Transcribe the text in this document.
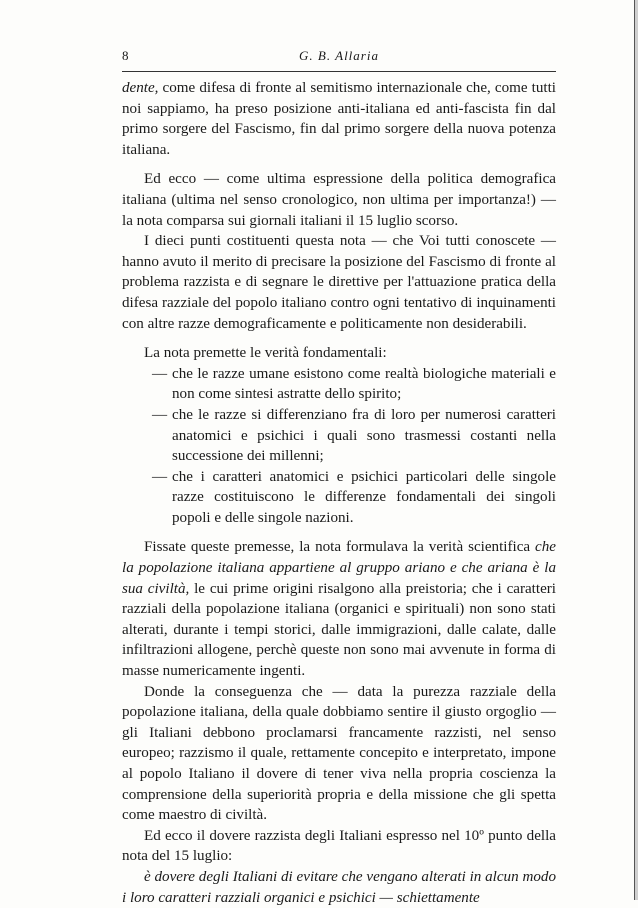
8	G. B. Allaria

dente, come difesa di fronte al semitismo internazionale che, come tutti noi sappiamo, ha preso posizione anti-italiana ed anti-fascista fin dal primo sorgere del Fascismo, fin dal primo sorgere della nuova potenza italiana.

Ed ecco — come ultima espressione della politica demografica italiana (ultima nel senso cronologico, non ultima per importanza!) — la nota comparsa sui giornali italiani il 15 luglio scorso.

I dieci punti costituenti questa nota — che Voi tutti conoscete — hanno avuto il merito di precisare la posizione del Fascismo di fronte al problema razzista e di segnare le direttive per l'attuazione pratica della difesa razziale del popolo italiano contro ogni tentativo di inquinamenti con altre razze demograficamente e politicamente non desiderabili.

La nota premette le verità fondamentali:

— che le razze umane esistono come realtà biologiche materiali e non come sintesi astratte dello spirito;
— che le razze si differenziano fra di loro per numerosi caratteri anatomici e psichici i quali sono trasmessi costanti nella successione dei millenni;
— che i caratteri anatomici e psichici particolari delle singole razze costituiscono le differenze fondamentali dei singoli popoli e delle singole nazioni.

Fissate queste premesse, la nota formulava la verità scientifica che la popolazione italiana appartiene al gruppo ariano e che ariana è la sua civiltà, le cui prime origini risalgono alla preistoria; che i caratteri razziali della popolazione italiana (organici e spirituali) non sono stati alterati, durante i tempi storici, dalle immigrazioni, dalle calate, dalle infiltrazioni allogene, perchè queste non sono mai avvenute in forma di masse numericamente ingenti.

Donde la conseguenza che — data la purezza razziale della popolazione italiana, della quale dobbiamo sentire il giusto orgoglio — gli Italiani debbono proclamarsi francamente razzisti, nel senso europeo; razzismo il quale, rettamente concepito e interpretato, impone al popolo Italiano il dovere di tener viva nella propria coscienza la comprensione della superiorità propria e della missione che gli spetta come maestro di civiltà.

Ed ecco il dovere razzista degli Italiani espresso nel 10º punto della nota del 15 luglio:

è dovere degli Italiani di evitare che vengano alterati in alcun modo i loro caratteri razziali organici e psichici — schiettamente
